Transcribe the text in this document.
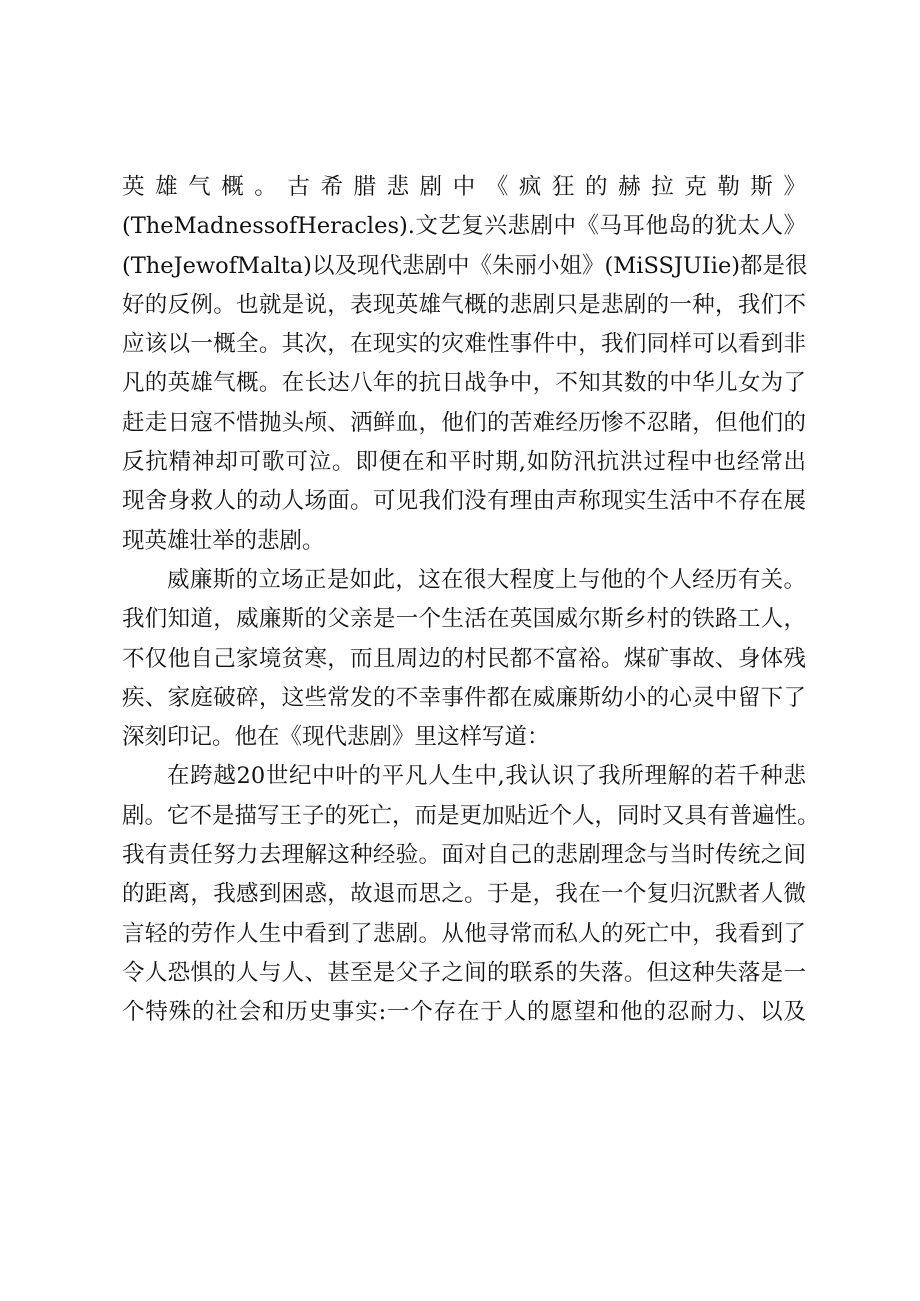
英雄气概。古希腊悲剧中《疯狂的赫拉克勒斯》
(TheMadnessofHeracles).文艺复兴悲剧中《马耳他岛的犹太人》
(TheJewofMalta)以及现代悲剧中《朱丽小姐》(MiSSJUIie)都是很
好的反例。也就是说，表现英雄气概的悲剧只是悲剧的一种，我们不
应该以一概全。其次，在现实的灾难性事件中，我们同样可以看到非
凡的英雄气概。在长达八年的抗日战争中，不知其数的中华儿女为了
赶走日寇不惜抛头颅、洒鲜血，他们的苦难经历惨不忍睹，但他们的
反抗精神却可歌可泣。即便在和平时期,如防汛抗洪过程中也经常出
现舍身救人的动人场面。可见我们没有理由声称现实生活中不存在展
现英雄壮举的悲剧。
威廉斯的立场正是如此，这在很大程度上与他的个人经历有关。
我们知道，威廉斯的父亲是一个生活在英国威尔斯乡村的铁路工人，
不仅他自己家境贫寒，而且周边的村民都不富裕。煤矿事故、身体残
疾、家庭破碎，这些常发的不幸事件都在威廉斯幼小的心灵中留下了
深刻印记。他在《现代悲剧》里这样写道：
在跨越20世纪中叶的平凡人生中,我认识了我所理解的若千种悲
剧。它不是描写王子的死亡，而是更加贴近个人，同时又具有普遍性。
我有责任努力去理解这种经验。面对自己的悲剧理念与当时传统之间
的距离，我感到困惑，故退而思之。于是，我在一个复归沉默者人微
言轻的劳作人生中看到了悲剧。从他寻常而私人的死亡中，我看到了
令人恐惧的人与人、甚至是父子之间的联系的失落。但这种失落是一
个特殊的社会和历史事实:一个存在于人的愿望和他的忍耐力、以及
